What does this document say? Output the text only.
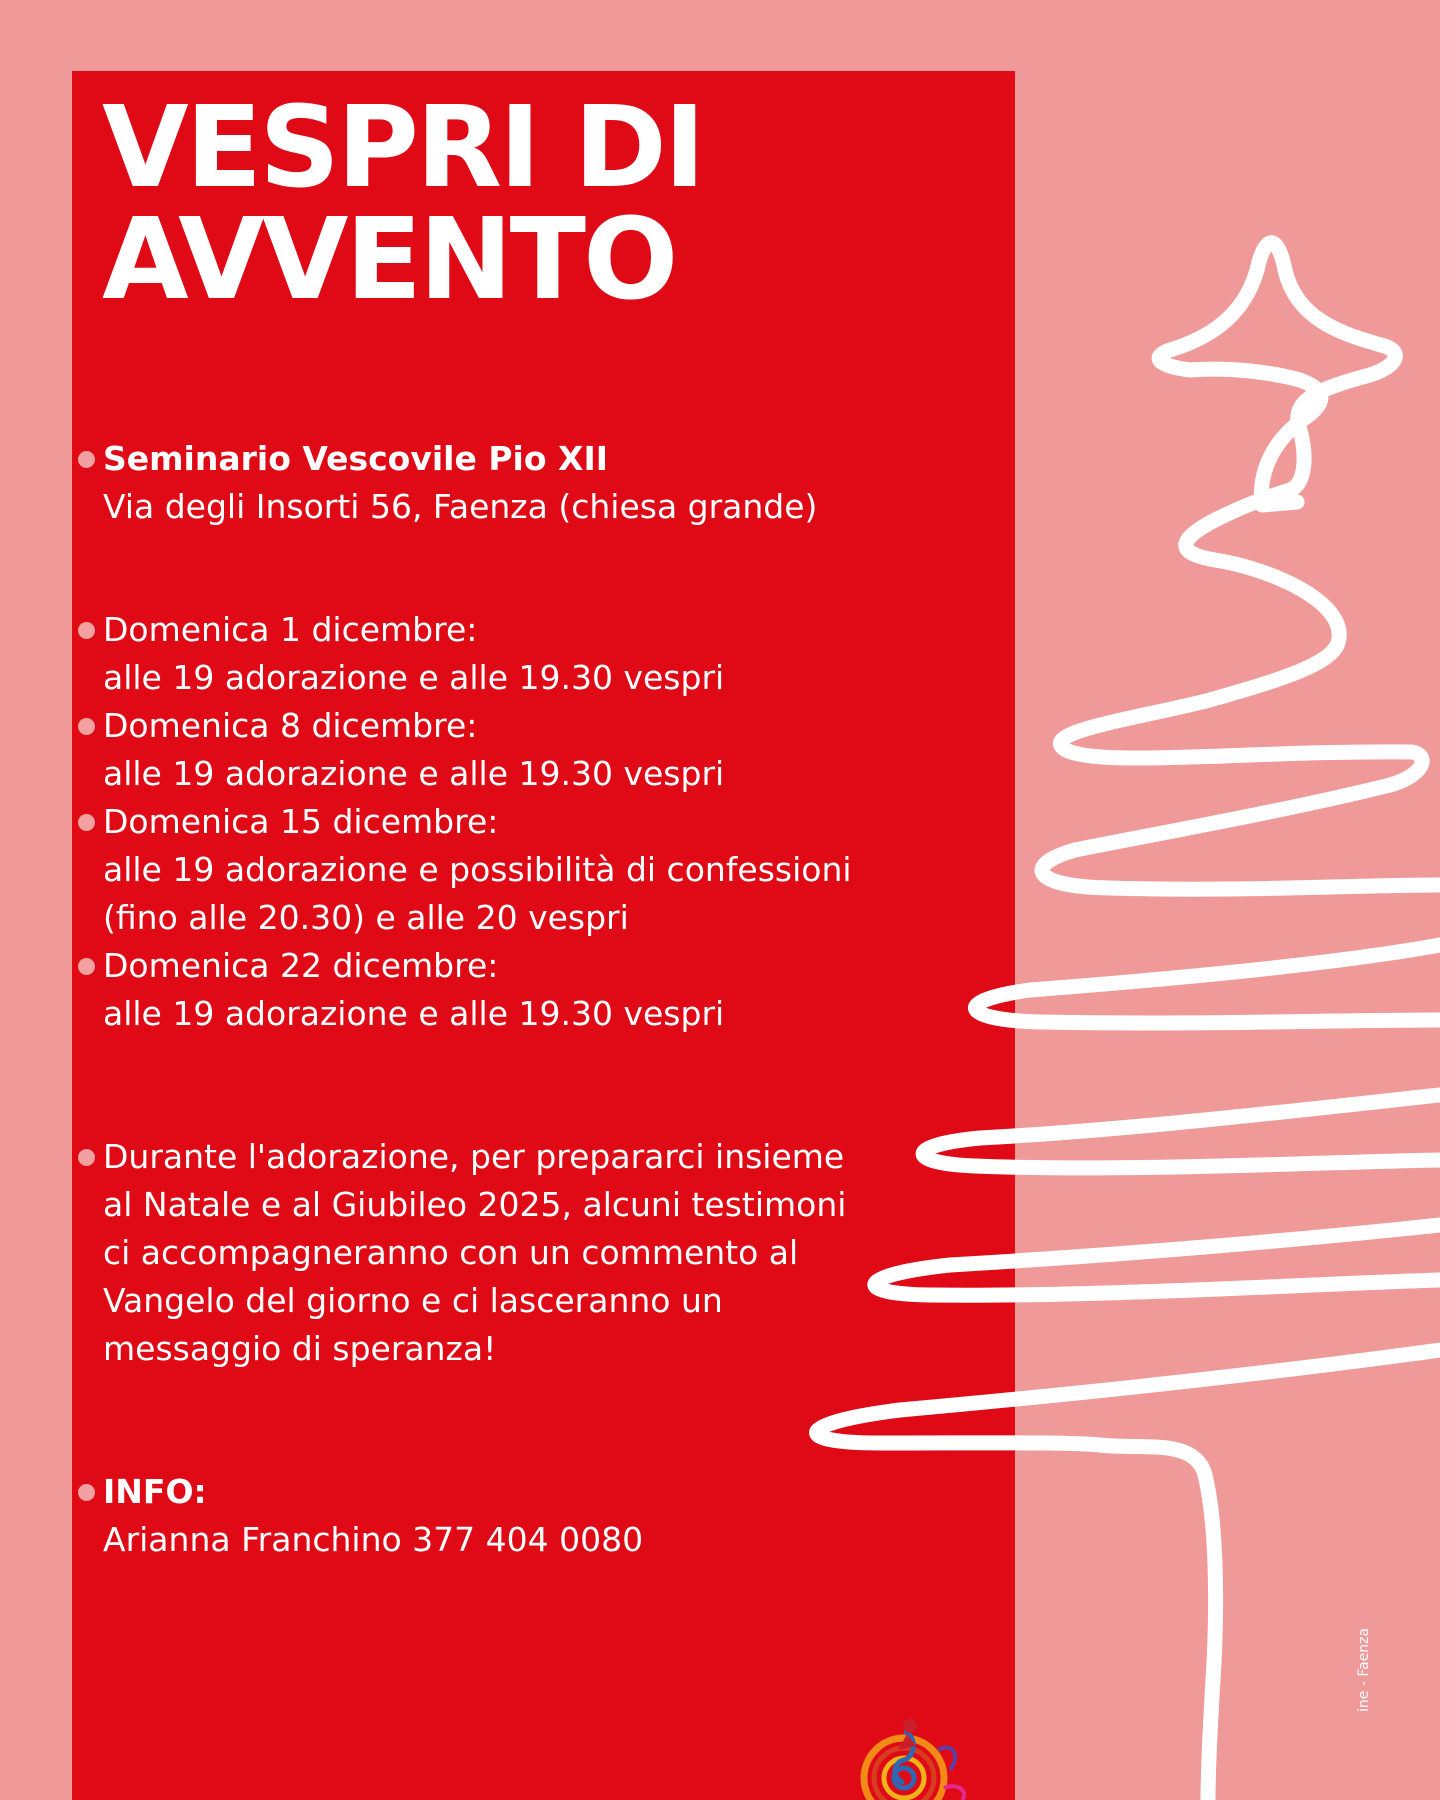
VESPRI DI
AVVENTO
Seminario Vescovile Pio XII
Via degli Insorti 56, Faenza (chiesa grande)
Domenica 1 dicembre:
alle 19 adorazione e alle 19.30 vespri
Domenica 8 dicembre:
alle 19 adorazione e alle 19.30 vespri
Domenica 15 dicembre:
alle 19 adorazione e possibilità di confessioni
(fino alle 20.30) e alle 20 vespri
Domenica 22 dicembre:
alle 19 adorazione e alle 19.30 vespri
Durante l'adorazione, per prepararci insieme
al Natale e al Giubileo 2025, alcuni testimoni
ci accompagneranno con un commento al
Vangelo del giorno e ci lasceranno un
messaggio di speranza!
INFO:
Arianna Franchino 377 404 0080
ine - Faenza
